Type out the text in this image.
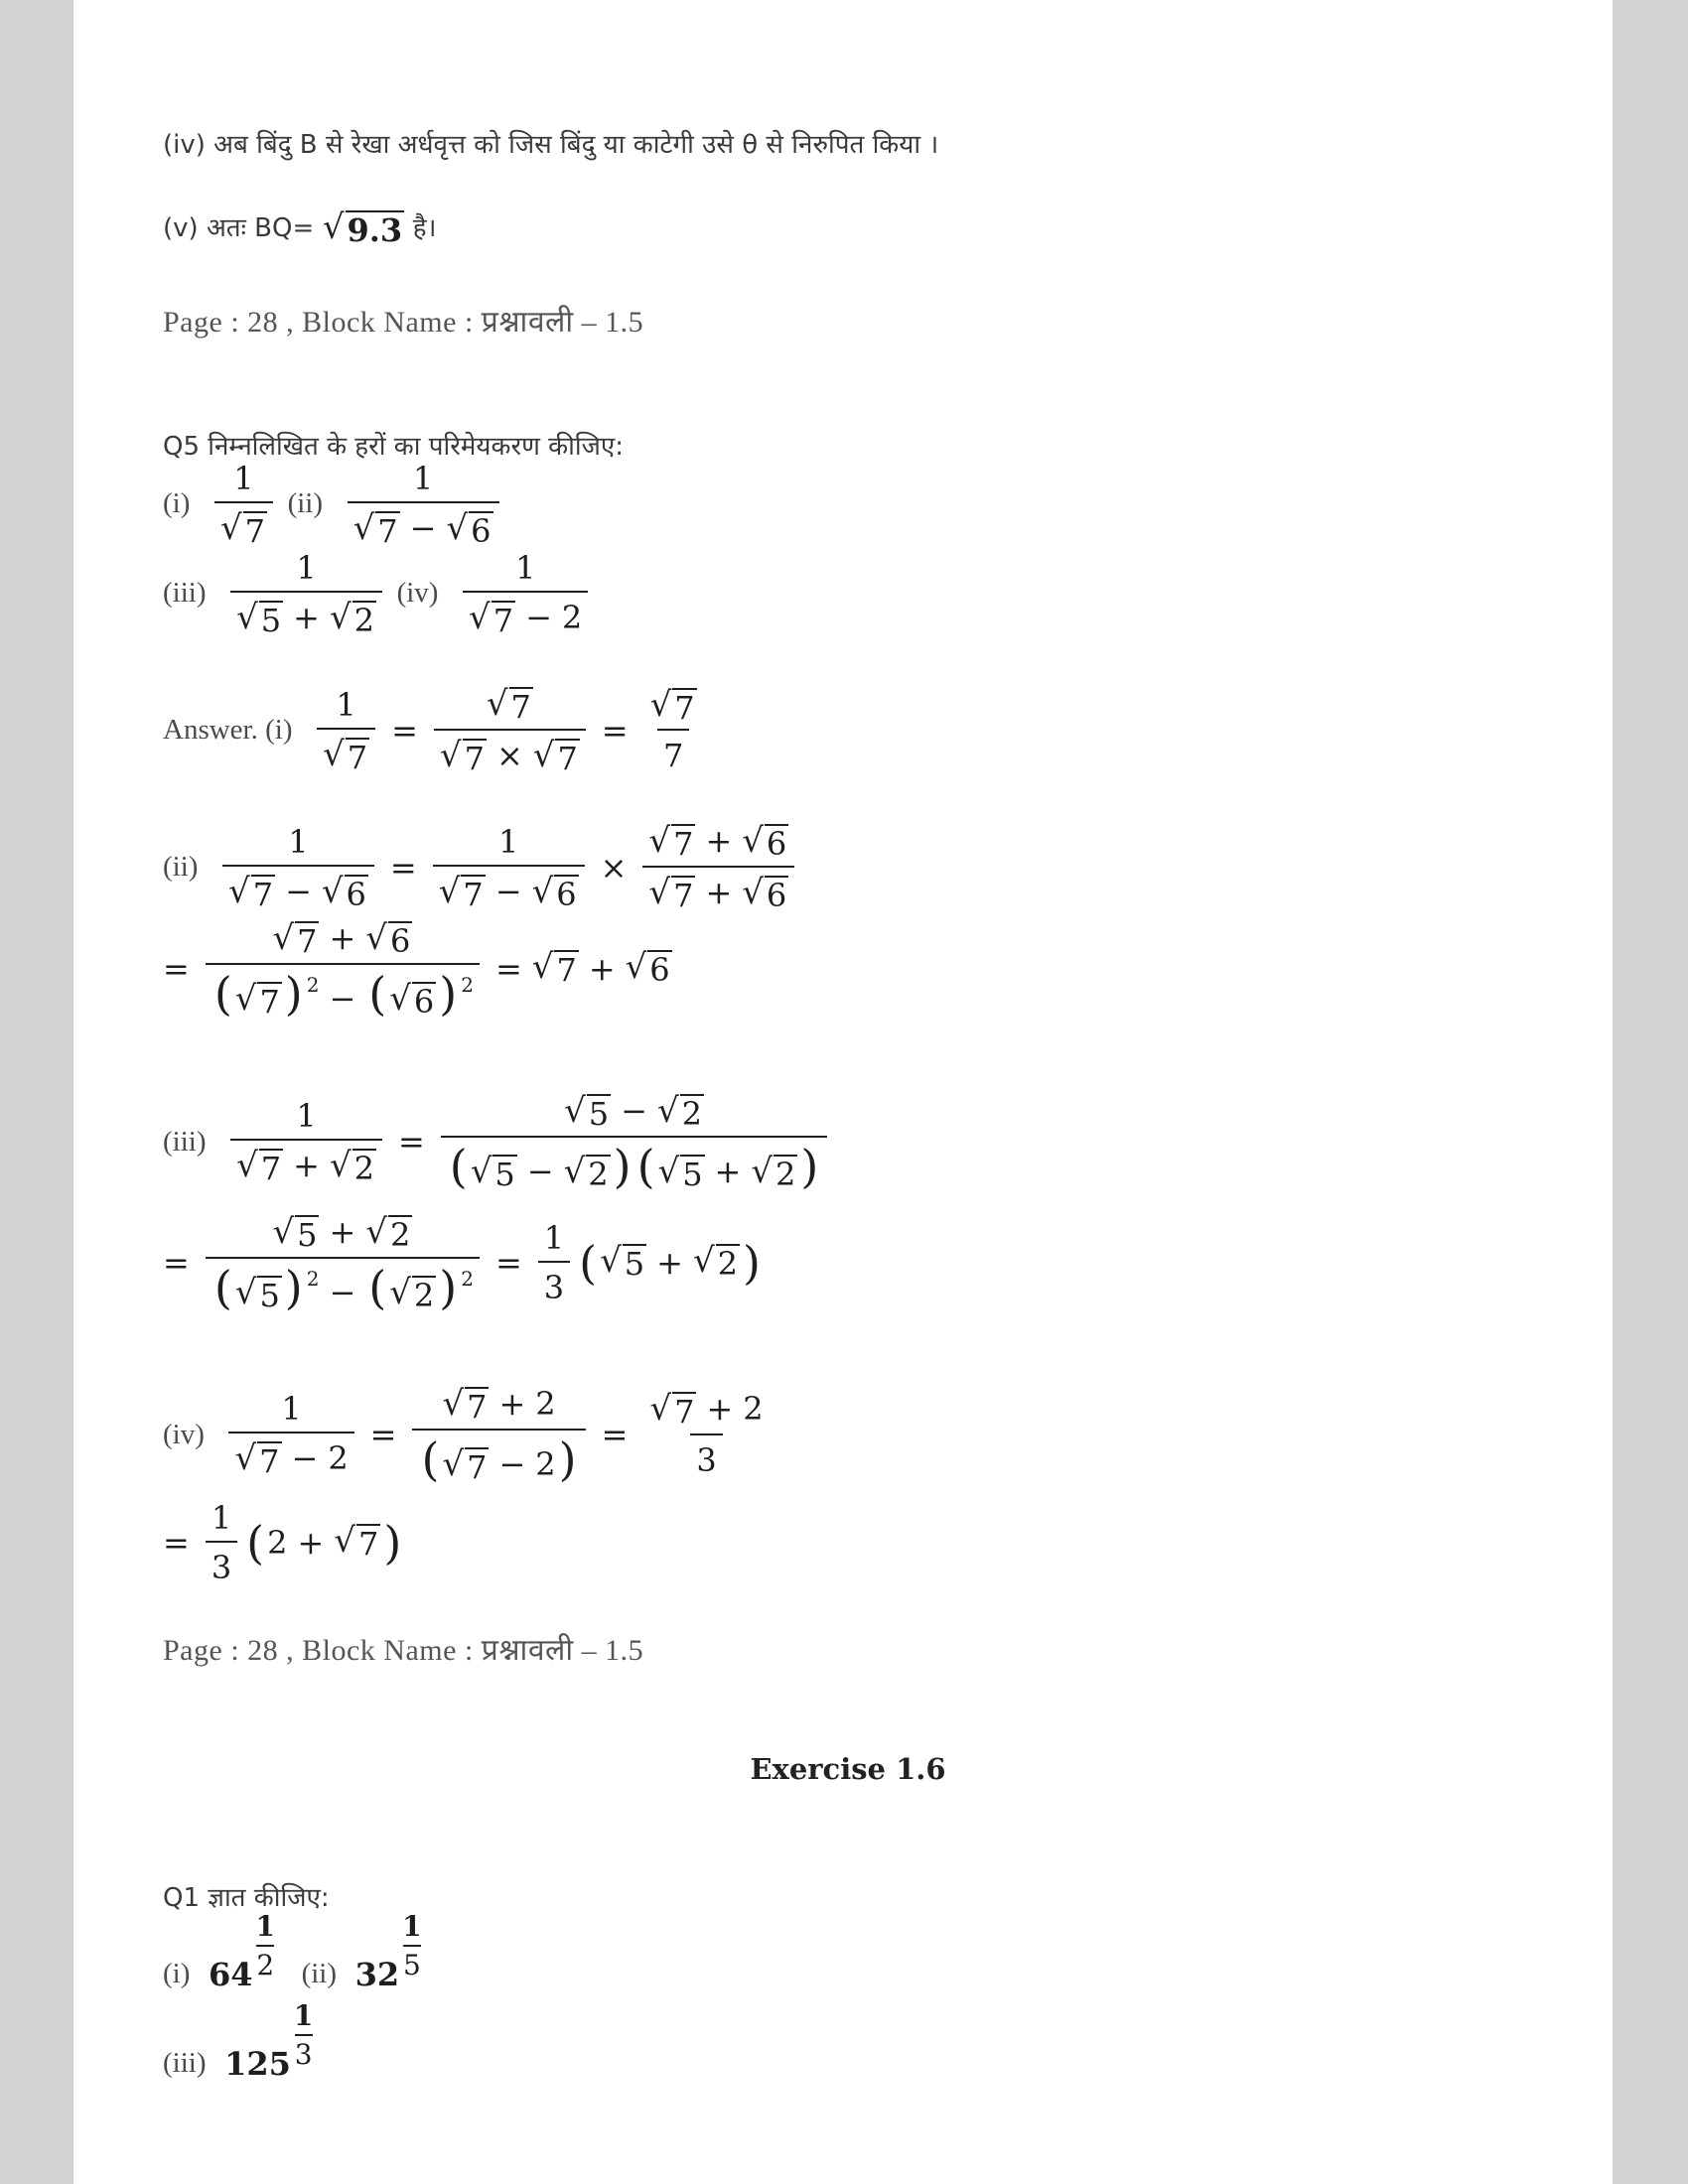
(iv) अब बिंदु B से रेखा अर्धवृत्त को जिस बिंदु या काटेगी उसे θ से निरुपित किया ।
(v) अतः BQ= √ 9.3 है।
Page : 28 , Block Name : प्रश्नावली – 1.5
Q5 निम्नलिखित के हरों का परिमेयकरण कीजिए:
$(i) \frac{1}{√ 7} (ii) \frac{1}{√ 7 - √ 6}$
$(iii) \frac{1}{√ 5 + √ 2} (iv) \frac{1}{√ 7 - 2}$
Answer. $(i) \frac{1}{√ 7} = \frac{√ 7}{√ 7 \times √ 7} = \frac{√ 7}{7}$
$(ii) \frac{1}{√ 7 - √ 6} = \frac{1}{√ 7 - √ 6} \times \frac{√ 7 + √ 6}{√ 7 + √ 6}$
= $\frac{√ 7 + √ 6}{( √ 7 ) ^2 - ( √ 6 ) ^2}$ = √ 7 + √ 6
$(iii) \frac{1}{√ 7 + √ 2} = \frac{√ 5 - √ 2}{( √ 5 - √ 2 ) ( √ 5 + √ 2 )}$
= $\frac{√ 5 + √ 2}{( √ 5 ) ^2 - ( √ 2 ) ^2} = \frac{1}{3}$ ( √ 5 + √ 2 )
$(iv) \frac{1}{√ 7 - 2} = \frac{√ 7 + 2}{( √ 7 - 2)} = \frac{√ 7 + 2}{3}$
= $\frac{1}{3}$ ( 2 + √ 7 )
Page : 28 , Block Name : प्रश्नावली – 1.5
Exercise 1.6
Q1 ज्ञात कीजिए:
(i) $64 \frac{1}{2} (ii)$ $32 \frac{1}{5}$
(iii) $125 \frac{1}{3}$
